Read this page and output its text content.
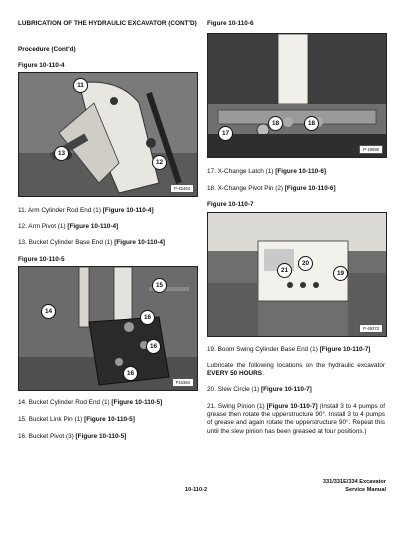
LUBRICATION OF THE HYDRAULIC EXCAVATOR (CONT'D)
Procedure (Cont'd)
Figure 10-110-4
P-42464
11
13
12
11. Arm Cylinder Rod End (1) [Figure 10-110-4]
12. Arm Pivot (1) [Figure 10-110-4]
13. Bucket Cylinder Base End (1) [Figure 10-110-4]
Figure 10-110-5
P16384
15
14
16
16
16
14. Bucket Cylinder Rod End (1) [Figure 10-110-5]
15. Bucket Link Pin (1) [Figure 10-110-5]
16. Bucket Pivot (3) [Figure 10-110-5]
Figure 10-110-6
P-19086
17
18	18
17. X-Change Latch (1) [Figure 10-110-6]
18. X-Change Pivot Pin (2) [Figure 10-110-6]
Figure 10-110-7
P-49272
20
21	19
19. Boom Swing Cylinder Base End (1) [Figure 10-110-7]
Lubricate the following locations on the hydraulic excavator EVERY 50 HOURS:
20. Slew Circle (1) [Figure 10-110-7]
21. Swing Pinion (1) [Figure 10-110-7] (Install 3 to 4 pumps of grease then rotate the upperstructure 90°. Install 3 to 4 pumps of grease and again rotate the upperstructure 90°. Repeat this until the slew pinion has been greased at four positions.)
331/331E/334 Excavator
Service Manual
10-110-2
